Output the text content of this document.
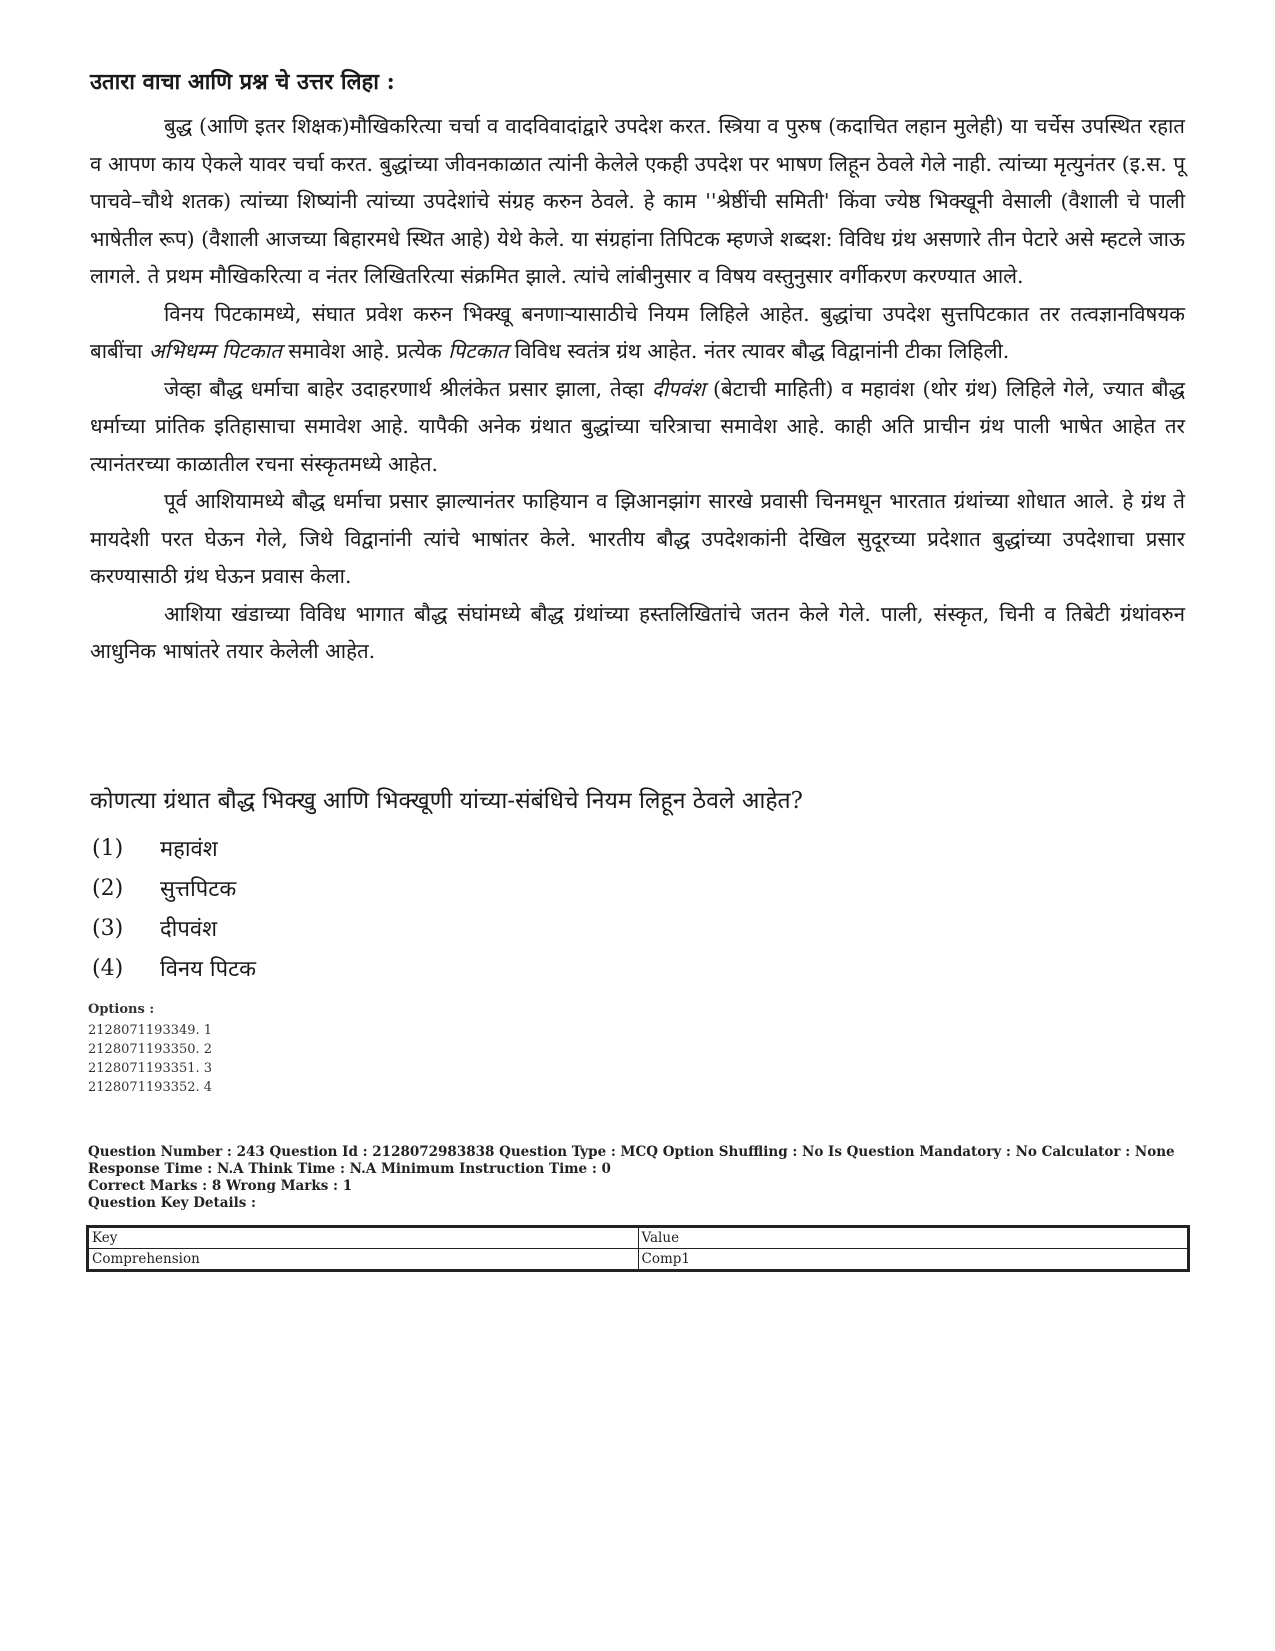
उतारा वाचा आणि प्रश्न चे उत्तर लिहा :

बुद्ध (आणि इतर शिक्षक)मौखिकरित्या चर्चा व वादविवादांद्वारे उपदेश करत. स्त्रिया व पुरुष (कदाचित लहान मुलेही) या चर्चेस उपस्थित रहात व आपण काय ऐकले यावर चर्चा करत. बुद्धांच्या जीवनकाळात त्यांनी केलेले एकही उपदेश पर भाषण लिहून ठेवले गेले नाही. त्यांच्या मृत्युनंतर (इ.स. पू पाचवे–चौथे शतक) त्यांच्या शिष्यांनी त्यांच्या उपदेशांचे संग्रह करुन ठेवले. हे काम ''श्रेष्ठींची समिती' किंवा ज्येष्ठ भिक्खूनी वेसाली (वैशाली चे पाली भाषेतील रूप) (वैशाली आजच्या बिहारमधे स्थित आहे) येथे केले. या संग्रहांना तिपिटक म्हणजे शब्दश: विविध ग्रंथ असणारे तीन पेटारे असे म्हटले जाऊ लागले. ते प्रथम मौखिकरित्या व नंतर लिखितरित्या संक्रमित झाले. त्यांचे लांबीनुसार व विषय वस्तुनुसार वर्गीकरण करण्यात आले.

विनय पिटकामध्ये, संघात प्रवेश करुन भिक्खू बनणाऱ्यासाठीचे नियम लिहिले आहेत. बुद्धांचा उपदेश सुत्तपिटकात तर तत्वज्ञानविषयक बाबींचा अभिधम्म पिटकात समावेश आहे. प्रत्येक पिटकात विविध स्वतंत्र ग्रंथ आहेत. नंतर त्यावर बौद्ध विद्वानांनी टीका लिहिली.

जेव्हा बौद्ध धर्माचा बाहेर उदाहरणार्थ श्रीलंकेत प्रसार झाला, तेव्हा दीपवंश (बेटाची माहिती) व महावंश (थोर ग्रंथ) लिहिले गेले, ज्यात बौद्ध धर्माच्या प्रांतिक इतिहासाचा समावेश आहे. यापैकी अनेक ग्रंथात बुद्धांच्या चरित्राचा समावेश आहे. काही अति प्राचीन ग्रंथ पाली भाषेत आहेत तर त्यानंतरच्या काळातील रचना संस्कृतमध्ये आहेत.

पूर्व आशियामध्ये बौद्ध धर्माचा प्रसार झाल्यानंतर फाहियान व झिआनझांग सारखे प्रवासी चिनमधून भारतात ग्रंथांच्या शोधात आले. हे ग्रंथ ते मायदेशी परत घेऊन गेले, जिथे विद्वानांनी त्यांचे भाषांतर केले. भारतीय बौद्ध उपदेशकांनी देखिल सुदूरच्या प्रदेशात बुद्धांच्या उपदेशाचा प्रसार करण्यासाठी ग्रंथ घेऊन प्रवास केला.

आशिया खंडाच्या विविध भागात बौद्ध संघांमध्ये बौद्ध ग्रंथांच्या हस्तलिखितांचे जतन केले गेले. पाली, संस्कृत, चिनी व तिबेटी ग्रंथांवरुन आधुनिक भाषांतरे तयार केलेली आहेत.

कोणत्या ग्रंथात बौद्ध भिक्खु आणि भिक्खूणी यांच्या-संबंधिचे नियम लिहून ठेवले आहेत?
(1)	महावंश
(2)	सुत्तपिटक
(3)	दीपवंश
(4)	विनय पिटक
Options :
2128071193349. 1
2128071193350. 2
2128071193351. 3
2128071193352. 4
Question Number : 243 Question Id : 2128072983838 Question Type : MCQ Option Shuffling : No Is Question Mandatory : No Calculator : None
Response Time : N.A Think Time : N.A Minimum Instruction Time : 0
Correct Marks : 8 Wrong Marks : 1
Question Key Details :
Key	Value
Comprehension	Comp1
